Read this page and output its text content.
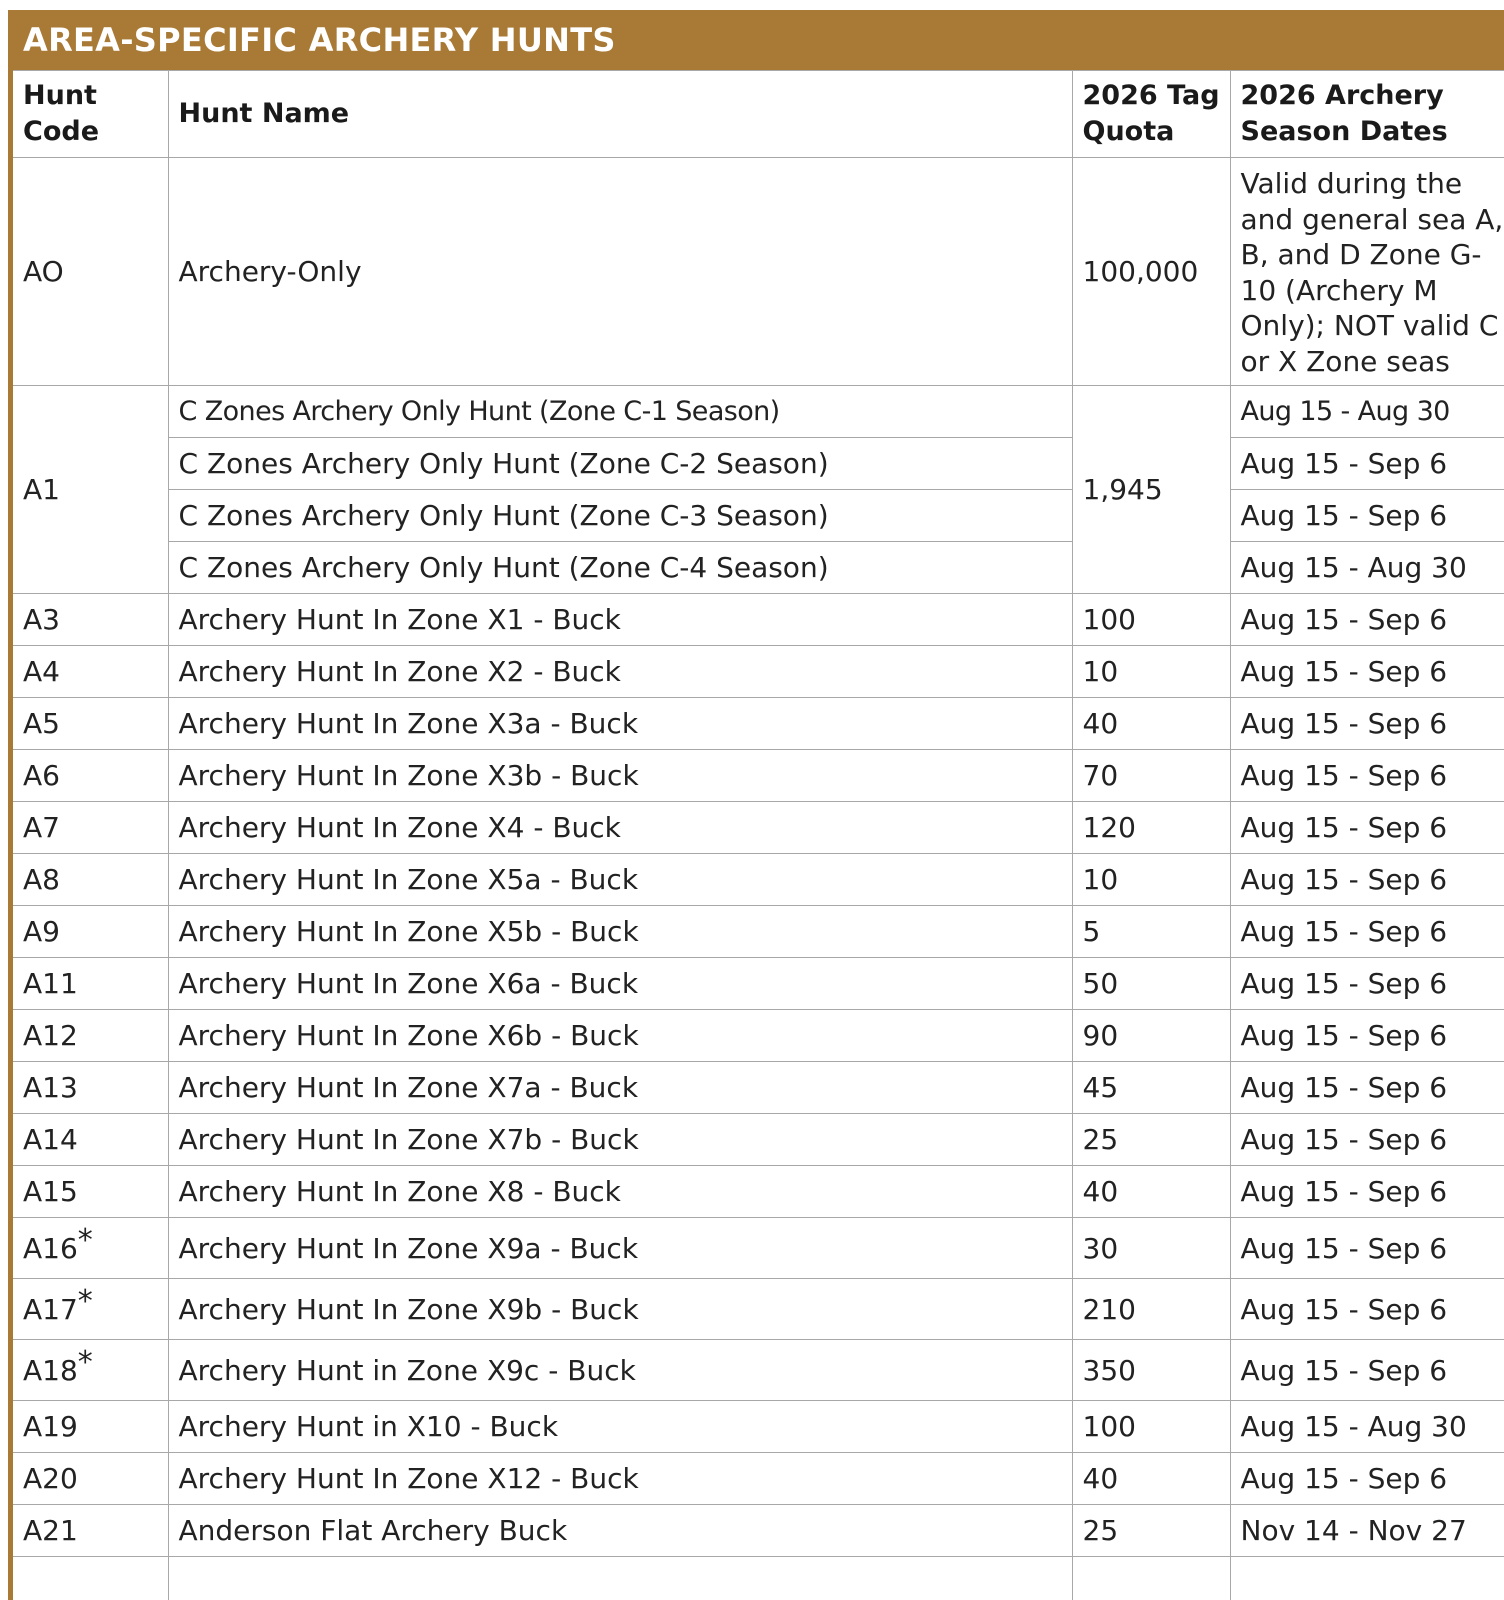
AREA-SPECIFIC ARCHERY HUNTS
Hunt Code	Hunt Name	2026 Tag Quota	2026 Archery Season Dates
AO	Archery-Only	100,000	Valid during the and general sea A, B, and D Zone G-10 (Archery M Only); NOT valid C or X Zone seas
A1	C Zones Archery Only Hunt (Zone C-1 Season)	1,945	Aug 15 - Aug 30
	C Zones Archery Only Hunt (Zone C-2 Season)		Aug 15 - Sep 6
	C Zones Archery Only Hunt (Zone C-3 Season)		Aug 15 - Sep 6
	C Zones Archery Only Hunt (Zone C-4 Season)		Aug 15 - Aug 30
A3	Archery Hunt In Zone X1 - Buck	100	Aug 15 - Sep 6
A4	Archery Hunt In Zone X2 - Buck	10	Aug 15 - Sep 6
A5	Archery Hunt In Zone X3a - Buck	40	Aug 15 - Sep 6
A6	Archery Hunt In Zone X3b - Buck	70	Aug 15 - Sep 6
A7	Archery Hunt In Zone X4 - Buck	120	Aug 15 - Sep 6
A8	Archery Hunt In Zone X5a - Buck	10	Aug 15 - Sep 6
A9	Archery Hunt In Zone X5b - Buck	5	Aug 15 - Sep 6
A11	Archery Hunt In Zone X6a - Buck	50	Aug 15 - Sep 6
A12	Archery Hunt In Zone X6b - Buck	90	Aug 15 - Sep 6
A13	Archery Hunt In Zone X7a - Buck	45	Aug 15 - Sep 6
A14	Archery Hunt In Zone X7b - Buck	25	Aug 15 - Sep 6
A15	Archery Hunt In Zone X8 - Buck	40	Aug 15 - Sep 6
A16*	Archery Hunt In Zone X9a - Buck	30	Aug 15 - Sep 6
A17*	Archery Hunt In Zone X9b - Buck	210	Aug 15 - Sep 6
A18*	Archery Hunt in Zone X9c - Buck	350	Aug 15 - Sep 6
A19	Archery Hunt in X10 - Buck	100	Aug 15 - Aug 30
A20	Archery Hunt In Zone X12 - Buck	40	Aug 15 - Sep 6
A21	Anderson Flat Archery Buck	25	Nov 14 - Nov 27
